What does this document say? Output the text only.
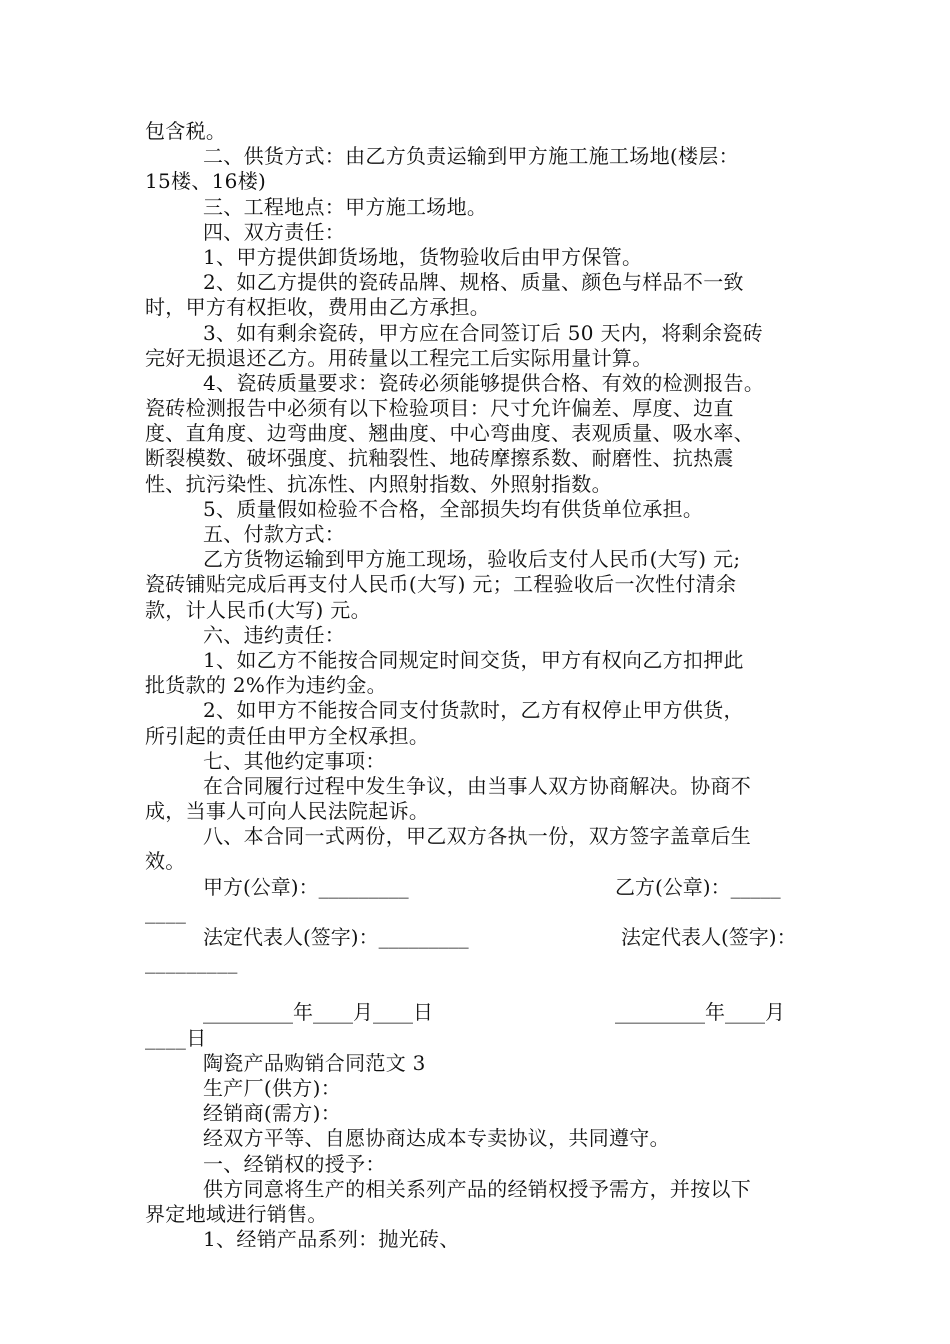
包含税。
二、供货方式：由乙方负责运输到甲方施工施工场地(楼层：
15楼、16楼)
三、工程地点：甲方施工场地。
四、双方责任：
1、甲方提供卸货场地，货物验收后由甲方保管。
2、如乙方提供的瓷砖品牌、规格、质量、颜色与样品不一致
时，甲方有权拒收，费用由乙方承担。
3、如有剩余瓷砖，甲方应在合同签订后 50 天内，将剩余瓷砖
完好无损退还乙方。用砖量以工程完工后实际用量计算。
4、瓷砖质量要求：瓷砖必须能够提供合格、有效的检测报告。
瓷砖检测报告中必须有以下检验项目：尺寸允许偏差、厚度、边直
度、直角度、边弯曲度、翘曲度、中心弯曲度、表观质量、吸水率、
断裂模数、破坏强度、抗釉裂性、地砖摩擦系数、耐磨性、抗热震
性、抗污染性、抗冻性、内照射指数、外照射指数。
5、质量假如检验不合格，全部损失均有供货单位承担。
五、付款方式：
乙方货物运输到甲方施工现场，验收后支付人民币(大写) 元;
瓷砖铺贴完成后再支付人民币(大写) 元；工程验收后一次性付清余
款，计人民币(大写) 元。
六、违约责任：
1、如乙方不能按合同规定时间交货，甲方有权向乙方扣押此
批货款的 2%作为违约金。
2、如甲方不能按合同支付货款时，乙方有权停止甲方供货，
所引起的责任由甲方全权承担。
七、其他约定事项：
在合同履行过程中发生争议，由当事人双方协商解决。协商不
成，当事人可向人民法院起诉。
八、本合同一式两份，甲乙双方各执一份，双方签字盖章后生
效。
甲方(公章)：_________	乙方(公章)：_____
____
法定代表人(签字)：_________	法定代表人(签字)：
_________
_________年____月____日	_________年____月
____日
陶瓷产品购销合同范文 3
生产厂(供方)：
经销商(需方)：
经双方平等、自愿协商达成本专卖协议，共同遵守。
一、经销权的授予：
供方同意将生产的相关系列产品的经销权授予需方，并按以下
界定地域进行销售。
1、经销产品系列：抛光砖、
